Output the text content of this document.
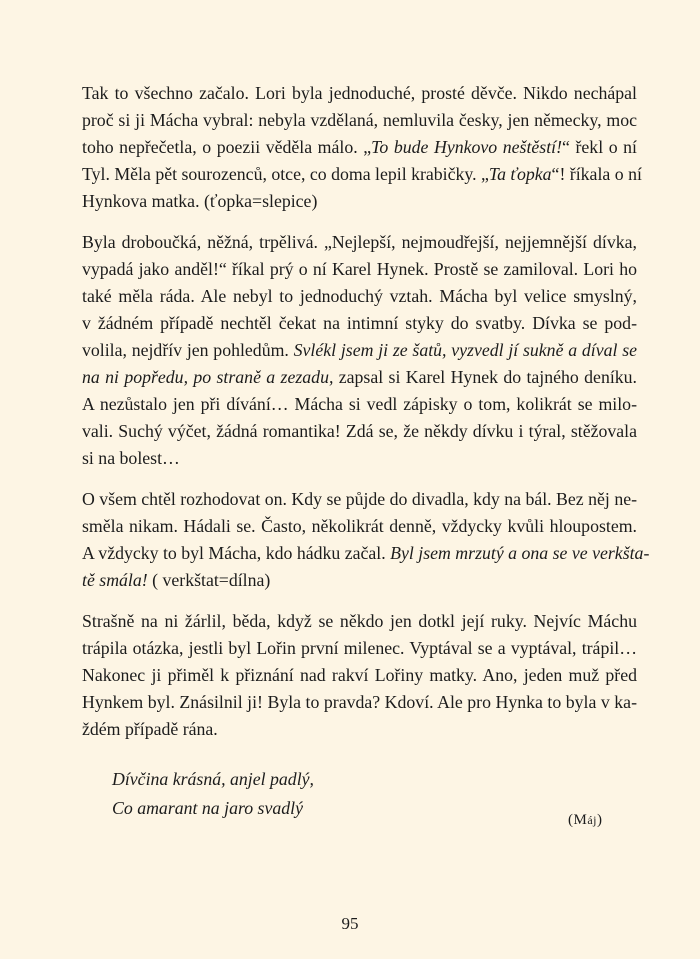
Tak to všechno začalo. Lori byla jednoduché, prosté děvče. Nikdo nechápal
proč si ji Mácha vybral: nebyla vzdělaná, nemluvila česky, jen německy, moc
toho nepřečetla, o poezii věděla málo. „To bude Hynkovo neštěstí!“ řekl o ní
Tyl. Měla pět sourozenců, otce, co doma lepil krabičky. „Ta ťopka“! říkala o ní
Hynkova matka. (ťopka=slepice)
Byla droboučká, něžná, trpělivá. „Nejlepší, nejmoudřejší, nejjemnější dívka,
vypadá jako anděl!“ říkal prý o ní Karel Hynek. Prostě se zamiloval. Lori ho
také měla ráda. Ale nebyl to jednoduchý vztah. Mácha byl velice smyslný,
v žádném případě nechtěl čekat na intimní styky do svatby. Dívka se pod-
volila, nejdřív jen pohledům. Svlékl jsem ji ze šatů, vyzvedl jí sukně a díval se
na ni popředu, po straně a zezadu, zapsal si Karel Hynek do tajného deníku.
A nezůstalo jen při dívání… Mácha si vedl zápisky o tom, kolikrát se milo-
vali. Suchý výčet, žádná romantika! Zdá se, že někdy dívku i týral, stěžovala
si na bolest…
O všem chtěl rozhodovat on. Kdy se půjde do divadla, kdy na bál. Bez něj ne-
směla nikam. Hádali se. Často, několikrát denně, vždycky kvůli hloupostem.
A vždycky to byl Mácha, kdo hádku začal. Byl jsem mrzutý a ona se ve verkšta-
tě smála! ( verkštat=dílna)
Strašně na ni žárlil, běda, když se někdo jen dotkl její ruky. Nejvíc Máchu
trápila otázka, jestli byl Lořin první milenec. Vyptával se a vyptával, trápil…
Nakonec ji přiměl k přiznání nad rakví Lořiny matky. Ano, jeden muž před
Hynkem byl. Znásilnil ji! Byla to pravda? Kdoví. Ale pro Hynka to byla v ka-
ždém případě rána.
Dívčina krásná, anjel padlý,
Co amarant na jaro svadlý
(Máj)
95
